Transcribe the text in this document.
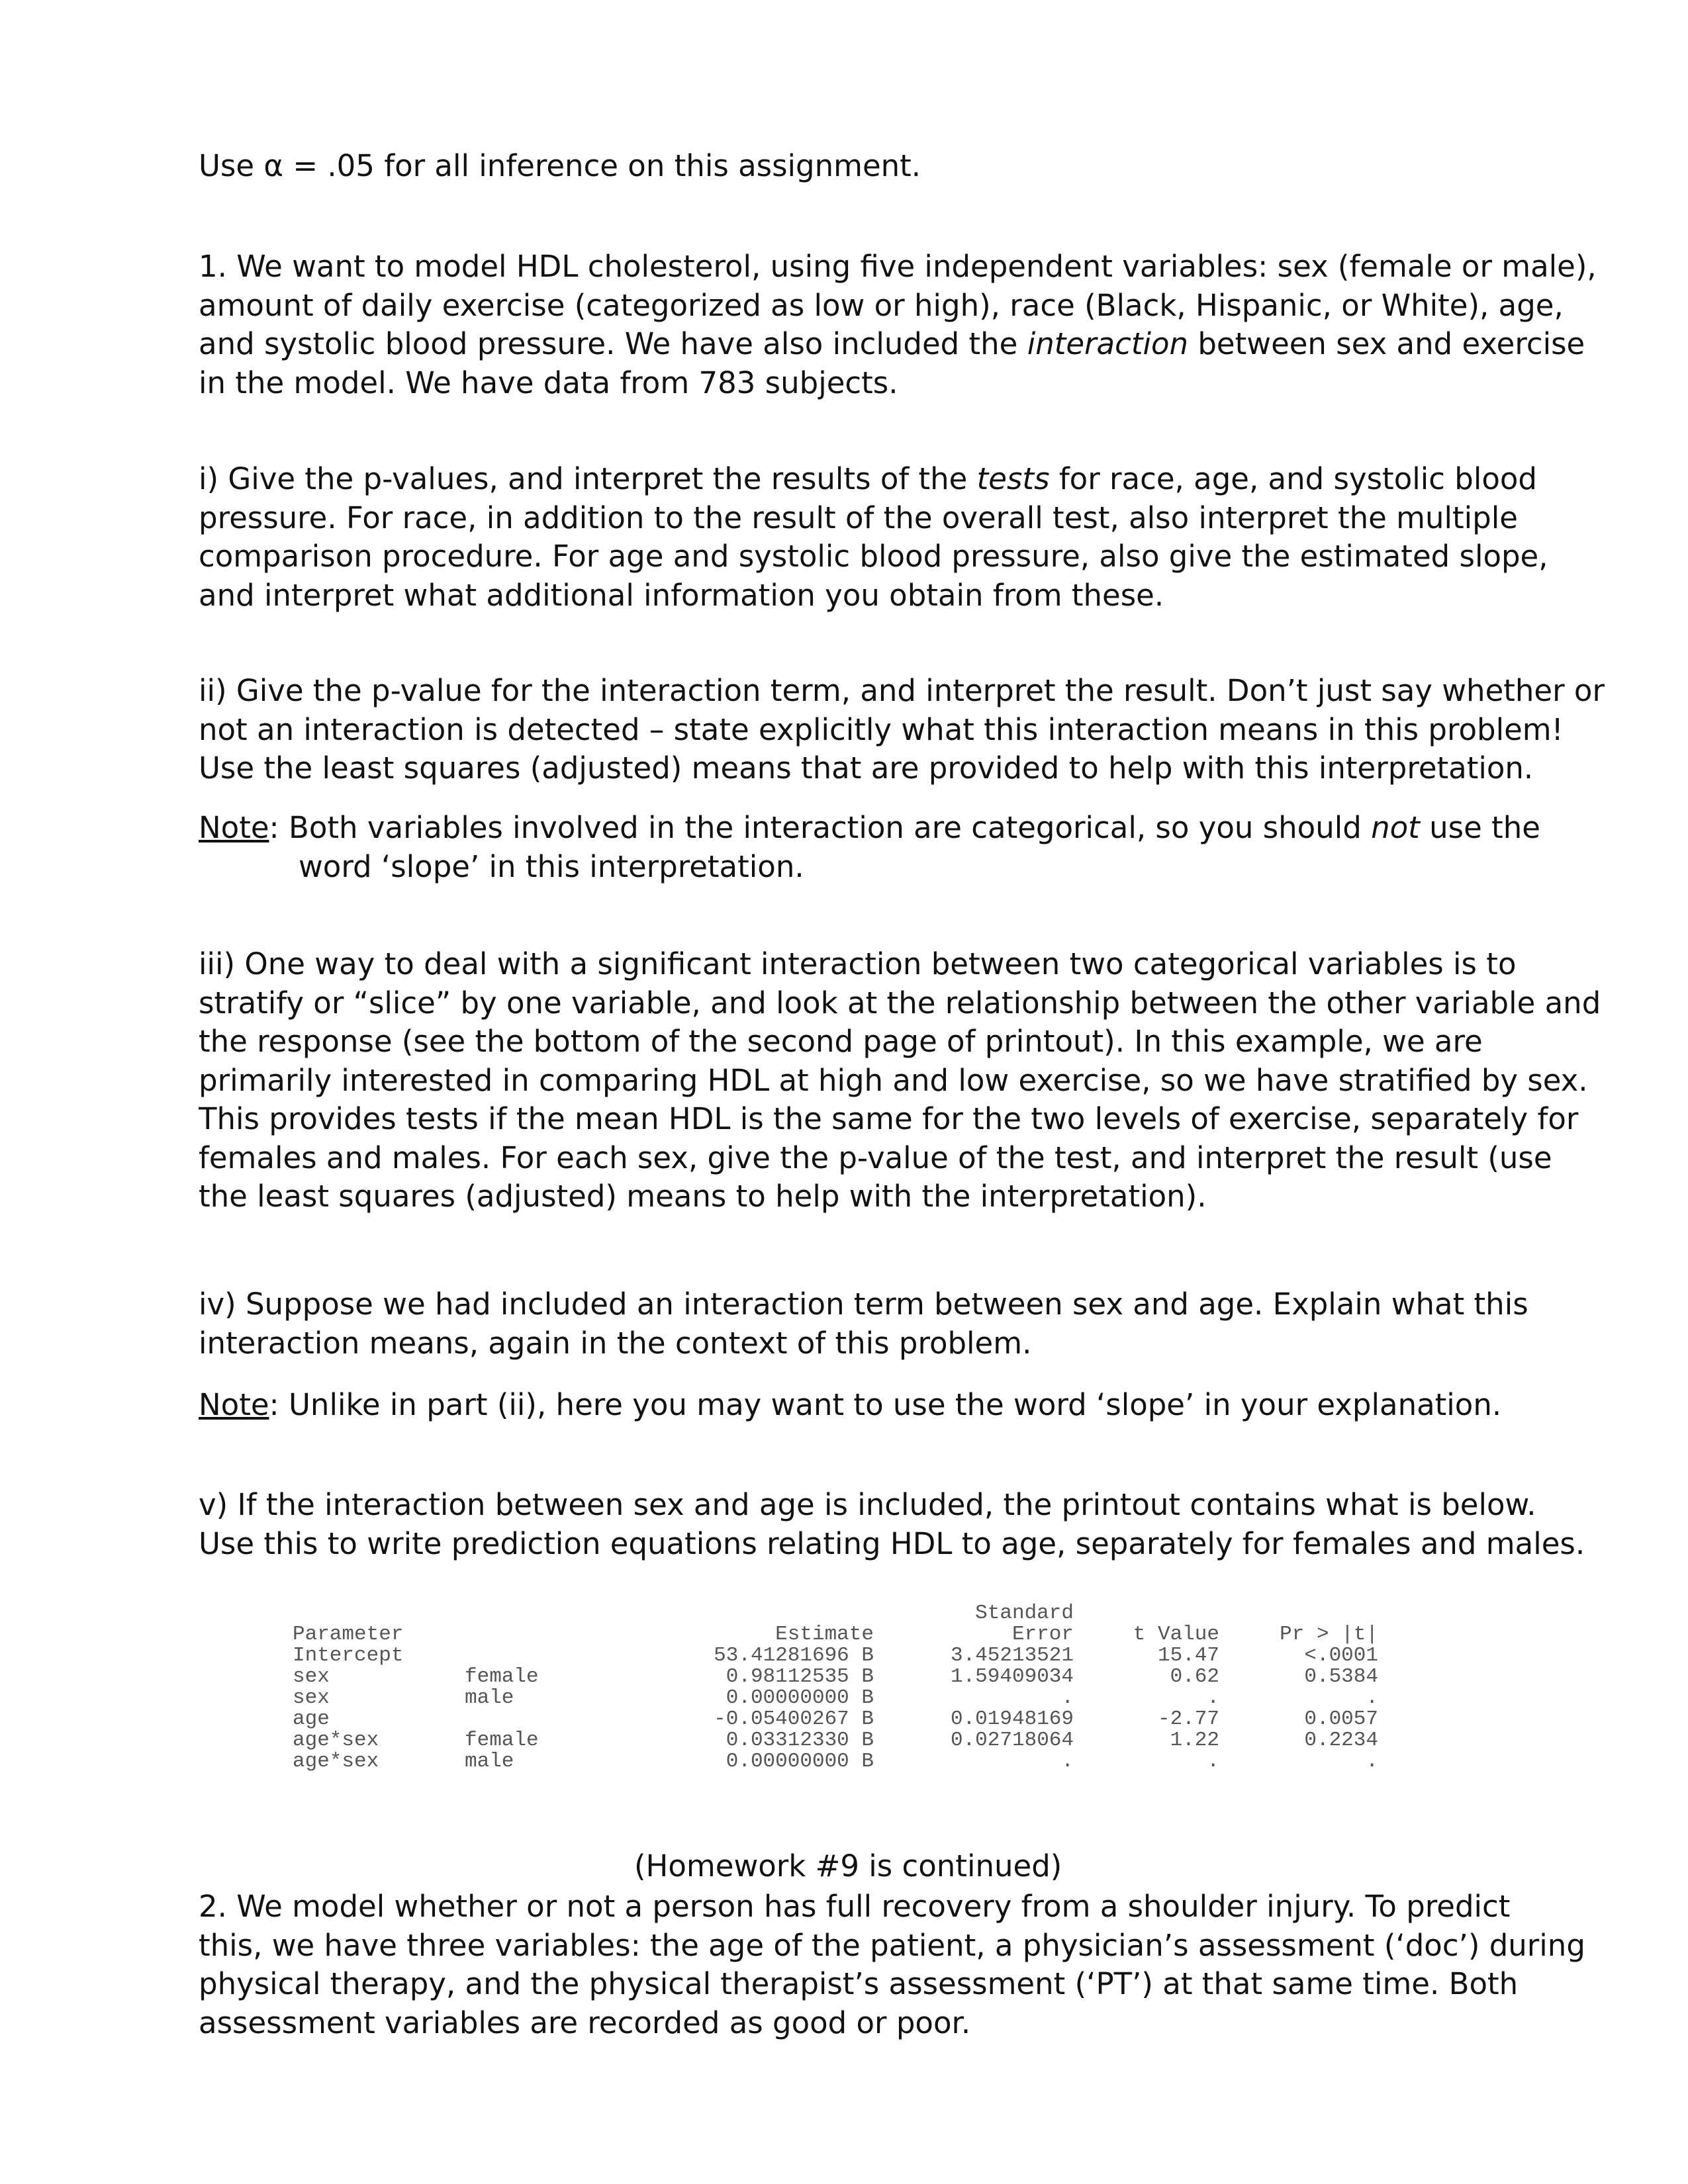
Use α = .05 for all inference on this assignment.
1. We want to model HDL cholesterol, using five independent variables: sex (female or male),
amount of daily exercise (categorized as low or high), race (Black, Hispanic, or White), age,
and systolic blood pressure. We have also included the interaction between sex and exercise
in the model. We have data from 783 subjects.
i) Give the p-values, and interpret the results of the tests for race, age, and systolic blood
pressure. For race, in addition to the result of the overall test, also interpret the multiple
comparison procedure. For age and systolic blood pressure, also give the estimated slope,
and interpret what additional information you obtain from these.
ii) Give the p-value for the interaction term, and interpret the result. Don’t just say whether or
not an interaction is detected – state explicitly what this interaction means in this problem!
Use the least squares (adjusted) means that are provided to help with this interpretation.
Note: Both variables involved in the interaction are categorical, so you should not use the
word ‘slope’ in this interpretation.
iii) One way to deal with a significant interaction between two categorical variables is to
stratify or “slice” by one variable, and look at the relationship between the other variable and
the response (see the bottom of the second page of printout). In this example, we are
primarily interested in comparing HDL at high and low exercise, so we have stratified by sex.
This provides tests if the mean HDL is the same for the two levels of exercise, separately for
females and males. For each sex, give the p-value of the test, and interpret the result (use
the least squares (adjusted) means to help with the interpretation).
iv) Suppose we had included an interaction term between sex and age. Explain what this
interaction means, again in the context of this problem.
Note: Unlike in part (ii), here you may want to use the word ‘slope’ in your explanation.
v) If the interaction between sex and age is included, the printout contains what is below.
Use this to write prediction equations relating HDL to age, separately for females and males.
Standard
Parameter	Estimate	Error	t Value	Pr > |t|
Intercept	53.41281696 B	3.45213521	15.47	<.0001
sex	female	0.98112535 B	1.59409034	0.62	0.5384
sex	male	0.00000000 B	.	.	.
age	-0.05400267 B	0.01948169	-2.77	0.0057
age*sex	female	0.03312330 B	0.02718064	1.22	0.2234
age*sex	male	0.00000000 B	.	.	.
(Homework #9 is continued)
2. We model whether or not a person has full recovery from a shoulder injury. To predict
this, we have three variables: the age of the patient, a physician’s assessment (‘doc’) during
physical therapy, and the physical therapist’s assessment (‘PT’) at that same time. Both
assessment variables are recorded as good or poor.
